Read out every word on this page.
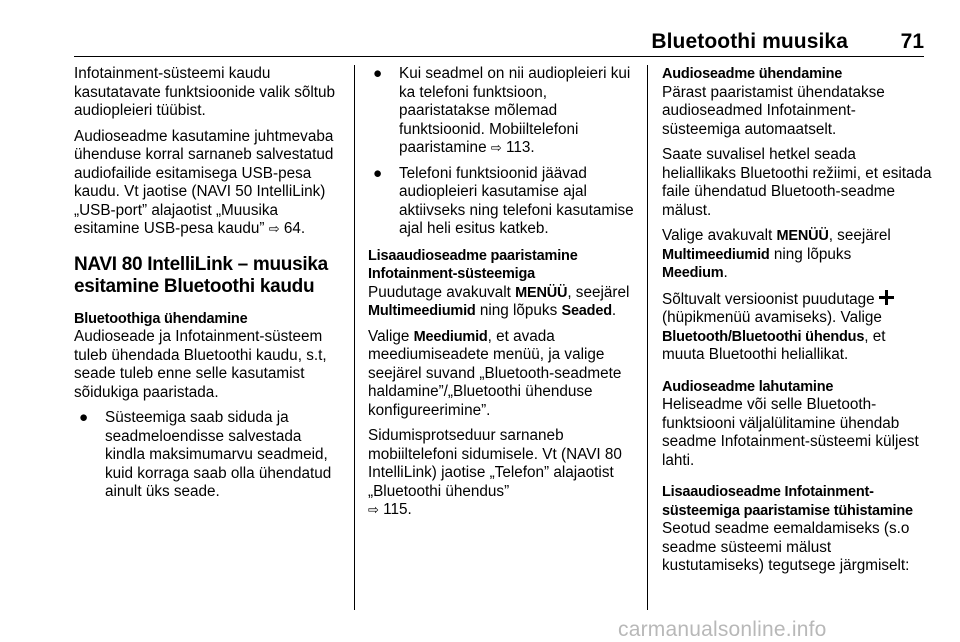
Bluetoothi muusika	71

Infotainment-süsteemi kaudu kasutatavate funktsioonide valik sõltub audiopleieri tüübist.

Audioseadme kasutamine juhtmevaba ühenduse korral sarnaneb salvestatud audiofailide esitamisega USB-pesa kaudu. Vt jaotise (NAVI 50 IntelliLink) „USB-port” alajaotist „Muusika esitamine USB-pesa kaudu” ⇨ 64.

NAVI 80 IntelliLink – muusika esitamine Bluetoothi kaudu
Bluetoothiga ühendamine

Audioseade ja Infotainment-süsteem tuleb ühendada Bluetoothi kaudu, s.t, seade tuleb enne selle kasutamist sõidukiga paaristada.

● Süsteemiga saab siduda ja seadmeloendisse salvestada kindla maksimumarvu seadmeid, kuid korraga saab olla ühendatud ainult üks seade.
● Kui seadmel on nii audiopleieri kui ka telefoni funktsioon, paaristatakse mõlemad funktsioonid. Mobiiltelefoni paaristamine ⇨ 113.
● Telefoni funktsioonid jäävad audiopleieri kasutamise ajal aktiivseks ning telefoni kasutamise ajal heli esitus katkeb.
Lisaaudioseadme paaristamine Infotainment-süsteemiga

Puudutage avakuvalt MENÜÜ, seejärel Multimeediumid ning lõpuks Seaded.

Valige Meediumid, et avada meediumiseadete menüü, ja valige seejärel suvand „Bluetooth-seadmete haldamine”/„Bluetoothi ühenduse konfigureerimine”.

Sidumisprotseduur sarnaneb mobiiltelefoni sidumisele. Vt (NAVI 80 IntelliLink) jaotise „Telefon” alajaotist „Bluetoothi ühendus”
⇨ 115.

Audioseadme ühendamine

Pärast paaristamist ühendatakse audioseadmed Infotainment-süsteemiga automaatselt.

Saate suvalisel hetkel seada heliallikaks Bluetoothi režiimi, et esitada faile ühendatud Bluetooth-seadme mälust.

Valige avakuvalt MENÜÜ, seejärel
Multimeediumid ning lõpuks
Meedium.

Sõltuvalt versioonist puudutage

(hüpikmenüü avamiseks). Valige
Bluetooth/Bluetoothi ühendus, et muuta Bluetoothi heliallikat.

Audioseadme lahutamine

Heliseadme või selle Bluetooth-funktsiooni väljalülitamine ühendab seadme Infotainment-süsteemi küljest lahti.

Lisaaudioseadme Infotainment-süsteemiga paaristamise tühistamine

Seotud seadme eemaldamiseks (s.o seadme süsteemi mälust kustutamiseks) tegutsege järgmiselt:

carmanualsonline.info
